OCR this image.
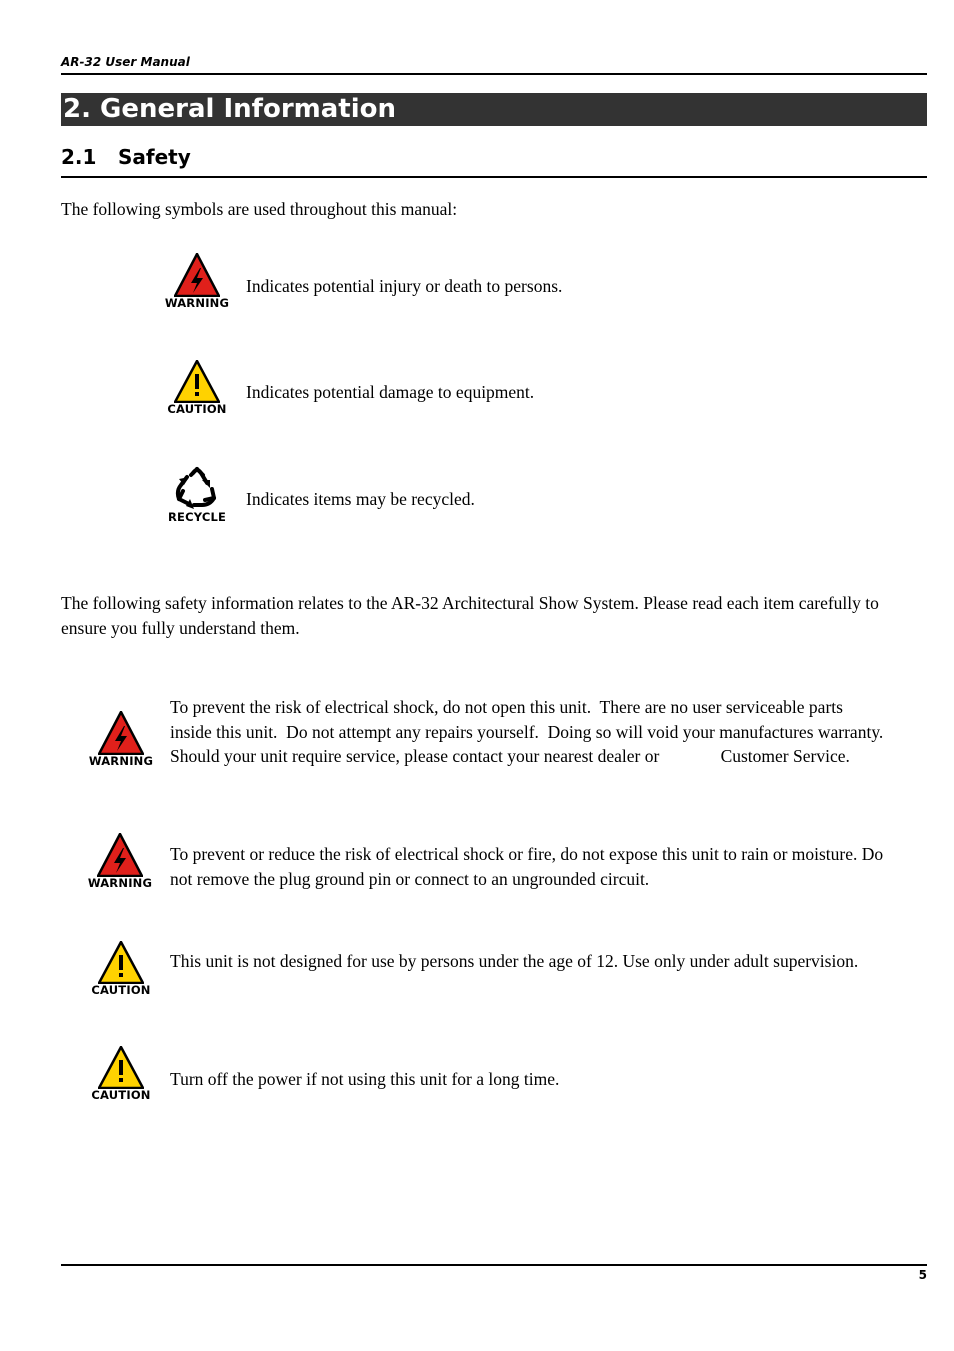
AR-32 User Manual
2. General Information
2.1 Safety
The following symbols are used throughout this manual:
WARNING
Indicates potential injury or death to persons.
CAUTION
Indicates potential damage to equipment.
RECYCLE
Indicates items may be recycled.
The following safety information relates to the AR-32 Architectural Show System. Please read each item carefully to ensure you fully understand them.
WARNING
To prevent the risk of electrical shock, do not open this unit.  There are no user serviceable parts inside this unit.  Do not attempt any repairs yourself.  Doing so will void your manufactures warranty.  Should your unit require service, please contact your nearest dealer or              Customer Service.
WARNING
To prevent or reduce the risk of electrical shock or fire, do not expose this unit to rain or moisture. Do not remove the plug ground pin or connect to an ungrounded circuit.
CAUTION
This unit is not designed for use by persons under the age of 12. Use only under adult supervision.
CAUTION
Turn off the power if not using this unit for a long time.
5
